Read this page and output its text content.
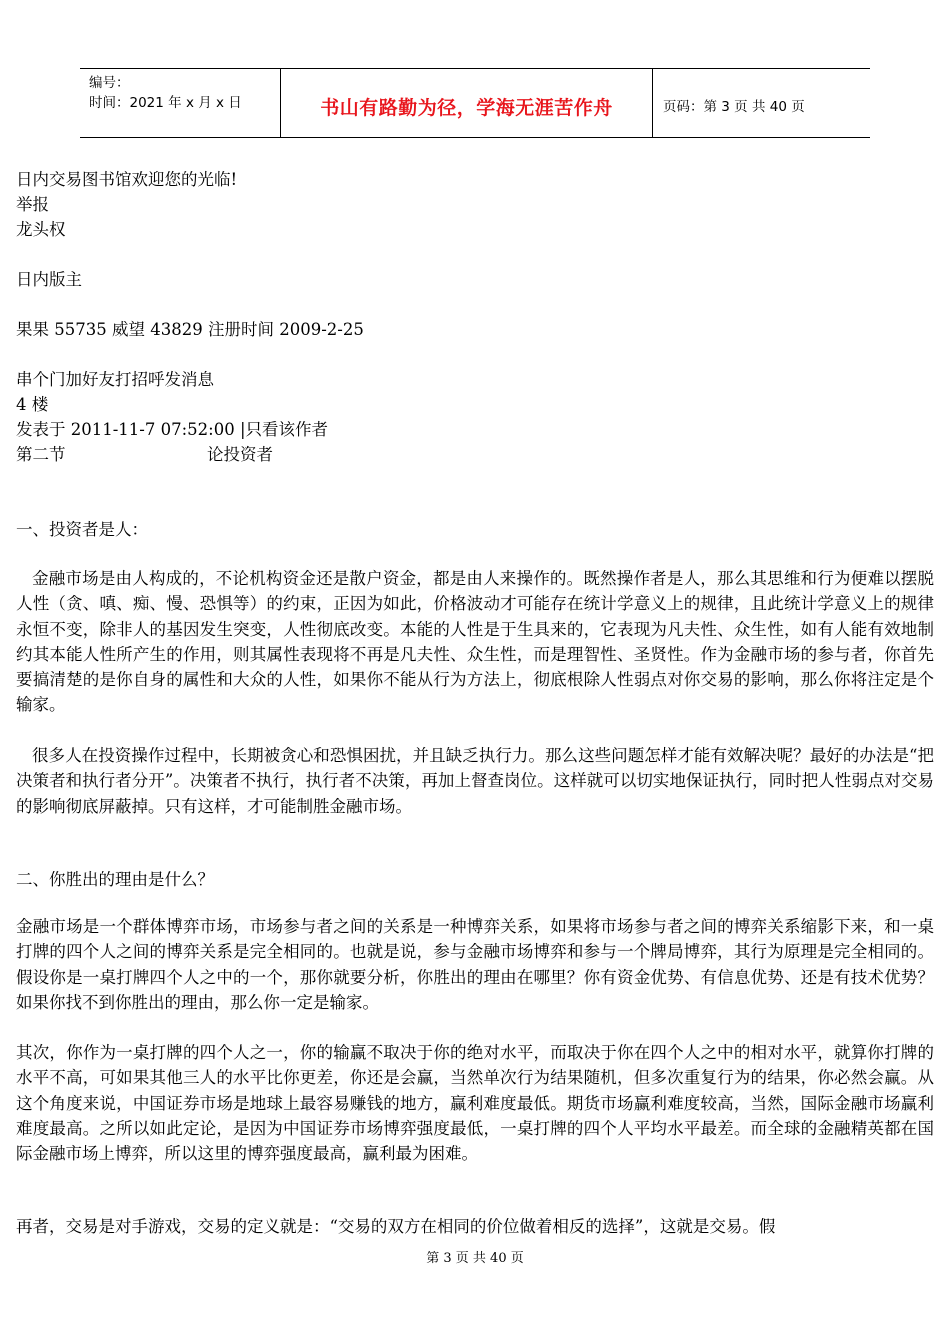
编号：
时间：2021 年 x 月 x 日	书山有路勤为径，学海无涯苦作舟	页码：第 3 页 共 40 页
日内交易图书馆欢迎您的光临!
举报
龙头权
日内版主
果果 55735 威望 43829 注册时间 2009-2-25
串个门加好友打招呼发消息
4 楼
发表于 2011-11-7 07:52:00 |只看该作者
第二节	论投资者
一、投资者是人：
金融市场是由人构成的，不论机构资金还是散户资金，都是由人来操作的。既然操作者是人，那么其思维和行为便难以摆脱人性（贪、嗔、痴、慢、恐惧等）的约束，正因为如此，价格波动才可能存在统计学意义上的规律，且此统计学意义上的规律永恒不变，除非人的基因发生突变，人性彻底改变。本能的人性是于生具来的，它表现为凡夫性、众生性，如有人能有效地制约其本能人性所产生的作用，则其属性表现将不再是凡夫性、众生性，而是理智性、圣贤性。作为金融市场的参与者，你首先要搞清楚的是你自身的属性和大众的人性，如果你不能从行为方法上，彻底根除人性弱点对你交易的影响，那么你将注定是个输家。
很多人在投资操作过程中，长期被贪心和恐惧困扰，并且缺乏执行力。那么这些问题怎样才能有效解决呢？最好的办法是“把决策者和执行者分开”。决策者不执行，执行者不决策，再加上督查岗位。这样就可以切实地保证执行，同时把人性弱点对交易的影响彻底屏蔽掉。只有这样，才可能制胜金融市场。
二、你胜出的理由是什么？
金融市场是一个群体博弈市场，市场参与者之间的关系是一种博弈关系，如果将市场参与者之间的博弈关系缩影下来，和一桌打牌的四个人之间的博弈关系是完全相同的。也就是说，参与金融市场博弈和参与一个牌局博弈，其行为原理是完全相同的。假设你是一桌打牌四个人之中的一个，那你就要分析，你胜出的理由在哪里？你有资金优势、有信息优势、还是有技术优势？如果你找不到你胜出的理由，那么你一定是输家。
其次，你作为一桌打牌的四个人之一，你的输赢不取决于你的绝对水平，而取决于你在四个人之中的相对水平，就算你打牌的水平不高，可如果其他三人的水平比你更差，你还是会赢，当然单次行为结果随机，但多次重复行为的结果，你必然会赢。从这个角度来说，中国证券市场是地球上最容易赚钱的地方，赢利难度最低。期货市场赢利难度较高，当然，国际金融市场赢利难度最高。之所以如此定论，是因为中国证券市场博弈强度最低，一桌打牌的四个人平均水平最差。而全球的金融精英都在国际金融市场上博弈，所以这里的博弈强度最高，赢利最为困难。
再者，交易是对手游戏，交易的定义就是：“交易的双方在相同的价位做着相反的选择”，这就是交易。假
第 3 页 共 40 页
